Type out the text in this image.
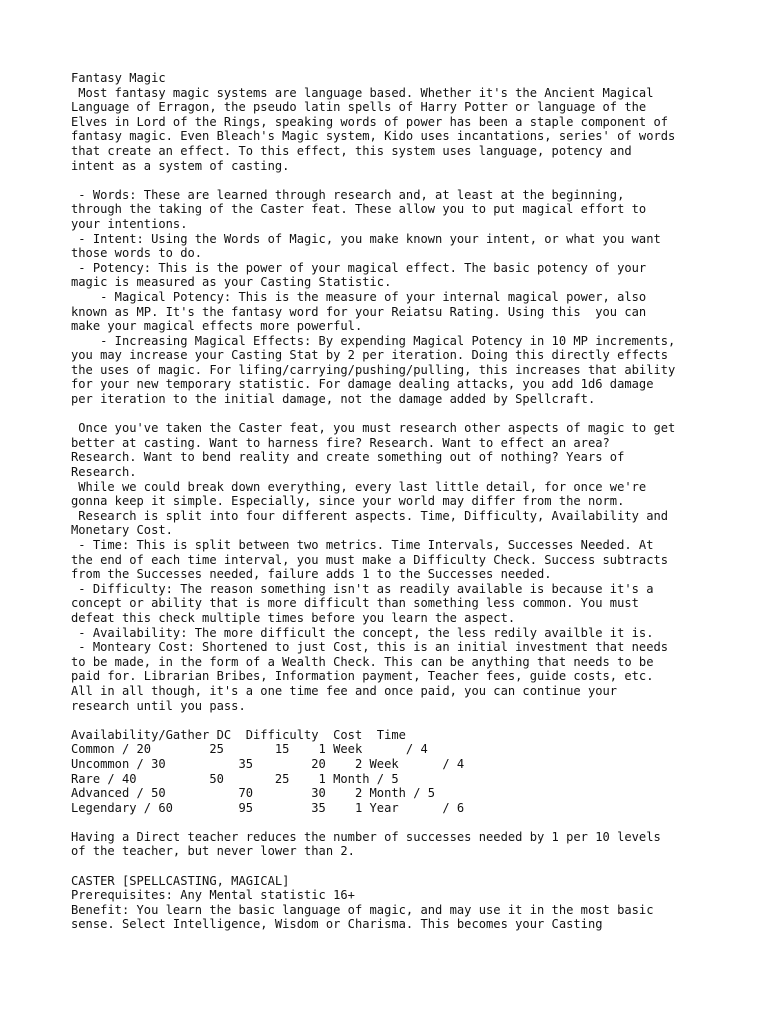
Fantasy Magic
Most fantasy magic systems are language based. Whether it's the Ancient Magical
Language of Erragon, the pseudo latin spells of Harry Potter or language of the
Elves in Lord of the Rings, speaking words of power has been a staple component of
fantasy magic. Even Bleach's Magic system, Kido uses incantations, series' of words
that create an effect. To this effect, this system uses language, potency and
intent as a system of casting.
- Words: These are learned through research and, at least at the beginning,
through the taking of the Caster feat. These allow you to put magical effort to
your intentions.
- Intent: Using the Words of Magic, you make known your intent, or what you want
those words to do.
- Potency: This is the power of your magical effect. The basic potency of your
magic is measured as your Casting Statistic.
- Magical Potency: This is the measure of your internal magical power, also
known as MP. It's the fantasy word for your Reiatsu Rating. Using this  you can
make your magical effects more powerful.
- Increasing Magical Effects: By expending Magical Potency in 10 MP increments,
you may increase your Casting Stat by 2 per iteration. Doing this directly effects
the uses of magic. For lifing/carrying/pushing/pulling, this increases that ability
for your new temporary statistic. For damage dealing attacks, you add 1d6 damage
per iteration to the initial damage, not the damage added by Spellcraft.
Once you've taken the Caster feat, you must research other aspects of magic to get
better at casting. Want to harness fire? Research. Want to effect an area?
Research. Want to bend reality and create something out of nothing? Years of
Research.
While we could break down everything, every last little detail, for once we're
gonna keep it simple. Especially, since your world may differ from the norm.
Research is split into four different aspects. Time, Difficulty, Availability and
Monetary Cost.
- Time: This is split between two metrics. Time Intervals, Successes Needed. At
the end of each time interval, you must make a Difficulty Check. Success subtracts
from the Successes needed, failure adds 1 to the Successes needed.
- Difficulty: The reason something isn't as readily available is because it's a
concept or ability that is more difficult than something less common. You must
defeat this check multiple times before you learn the aspect.
- Availability: The more difficult the concept, the less redily availble it is.
- Monteary Cost: Shortened to just Cost, this is an initial investment that needs
to be made, in the form of a Wealth Check. This can be anything that needs to be
paid for. Librarian Bribes, Information payment, Teacher fees, guide costs, etc.
All in all though, it's a one time fee and once paid, you can continue your
research until you pass.
Availability/Gather DC  Difficulty  Cost  Time
Common / 20        25       15    1 Week      / 4
Uncommon / 30          35        20    2 Week      / 4
Rare / 40          50       25    1 Month / 5
Advanced / 50          70        30    2 Month / 5
Legendary / 60         95        35    1 Year      / 6
Having a Direct teacher reduces the number of successes needed by 1 per 10 levels
of the teacher, but never lower than 2.
CASTER [SPELLCASTING, MAGICAL]
Prerequisites: Any Mental statistic 16+
Benefit: You learn the basic language of magic, and may use it in the most basic
sense. Select Intelligence, Wisdom or Charisma. This becomes your Casting
